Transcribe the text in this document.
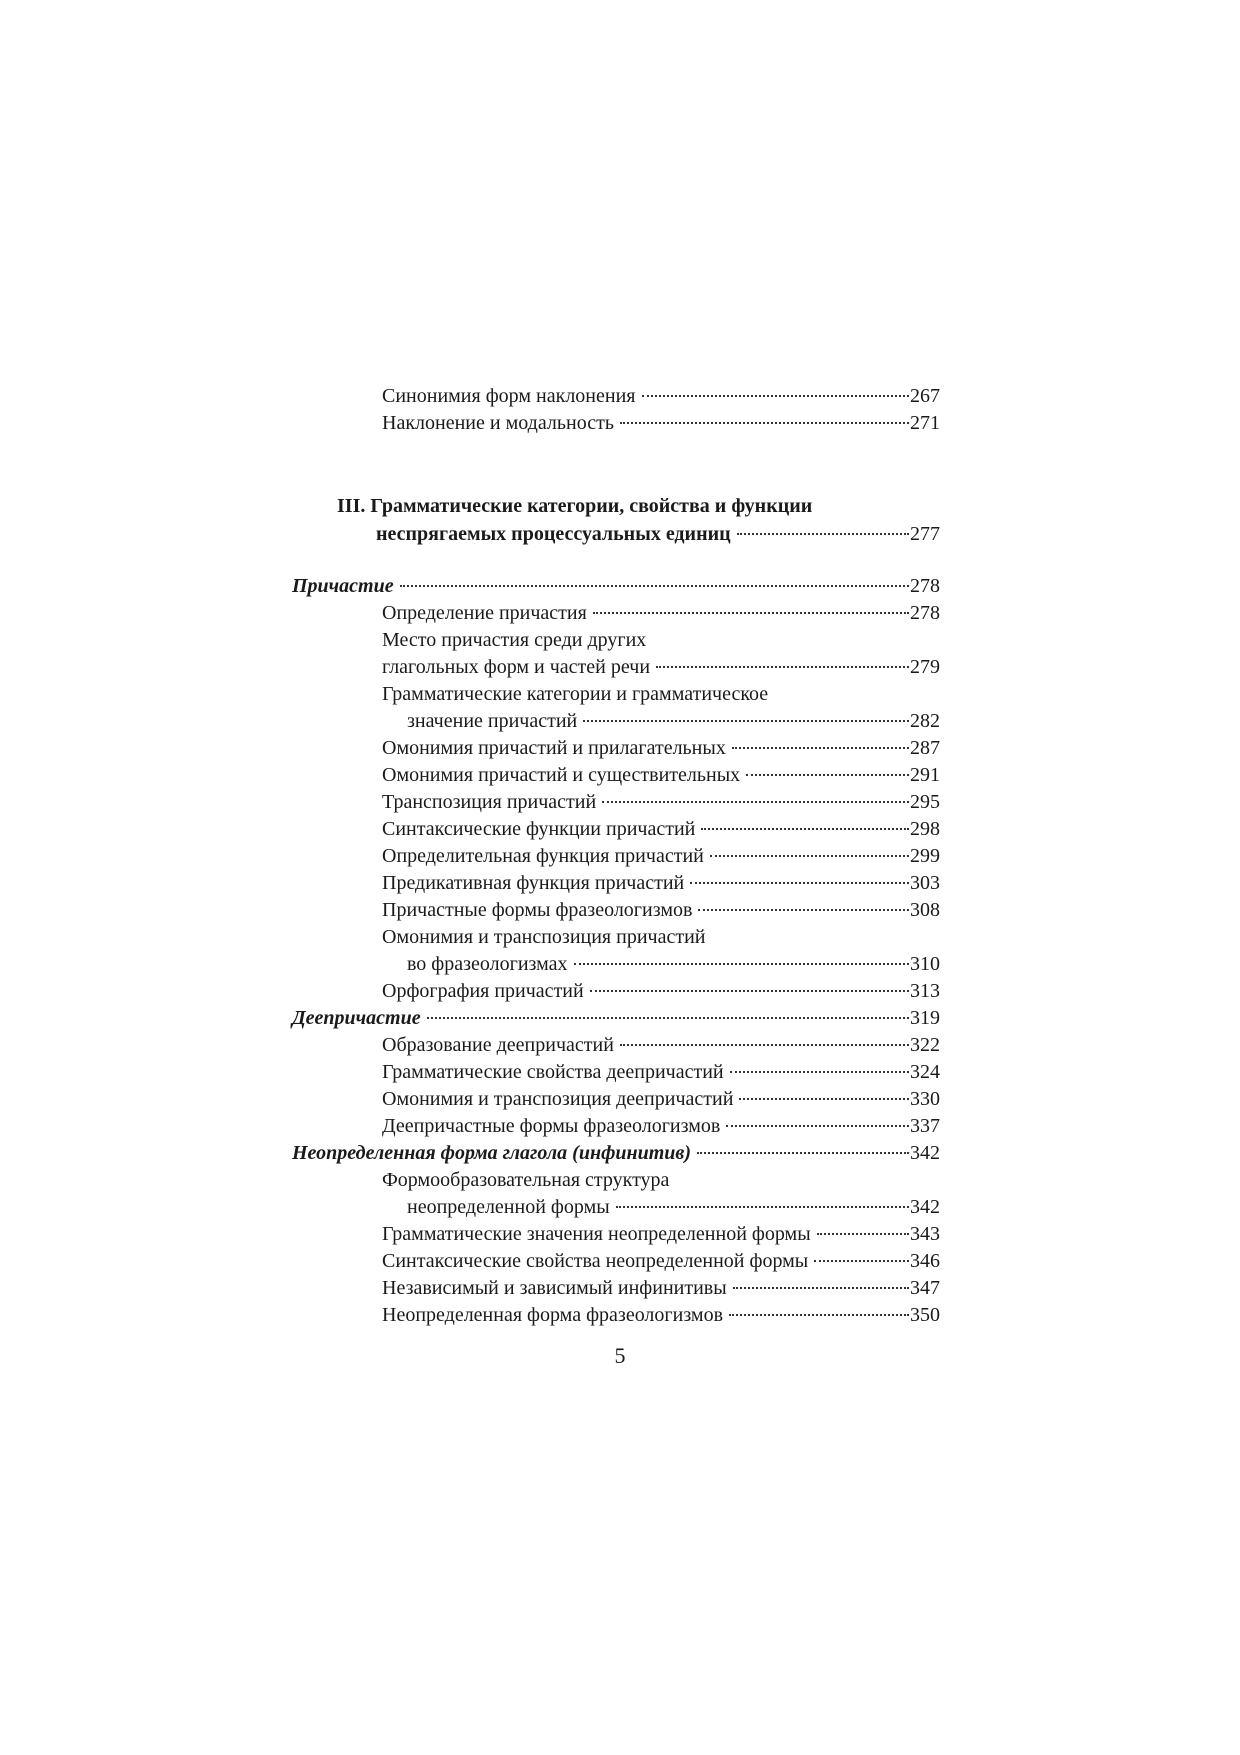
Синонимия форм наклонения	267
Наклонение и модальность	271
III. Грамматические категории, свойства и функции
неспрягаемых процессуальных единиц	277
Причастие	278
Определение причастия	278
Место причастия среди других
глагольных форм и частей речи	279
Грамматические категории и грамматическое
значение причастий	282
Омонимия причастий и прилагательных	287
Омонимия причастий и существительных	291
Транспозиция причастий	295
Синтаксические функции причастий	298
Определительная функция причастий	299
Предикативная функция причастий	303
Причастные формы фразеологизмов	308
Омонимия и транспозиция причастий
во фразеологизмах	310
Орфография причастий	313
Деепричастие	319
Образование деепричастий	322
Грамматические свойства деепричастий	324
Омонимия и транспозиция деепричастий	330
Деепричастные формы фразеологизмов	337
Неопределенная форма глагола (инфинитив)	342
Формообразовательная структура
неопределенной формы	342
Грамматические значения неопределенной формы	343
Синтаксические свойства неопределенной формы	346
Независимый и зависимый инфинитивы	347
Неопределенная форма фразеологизмов	350
5
